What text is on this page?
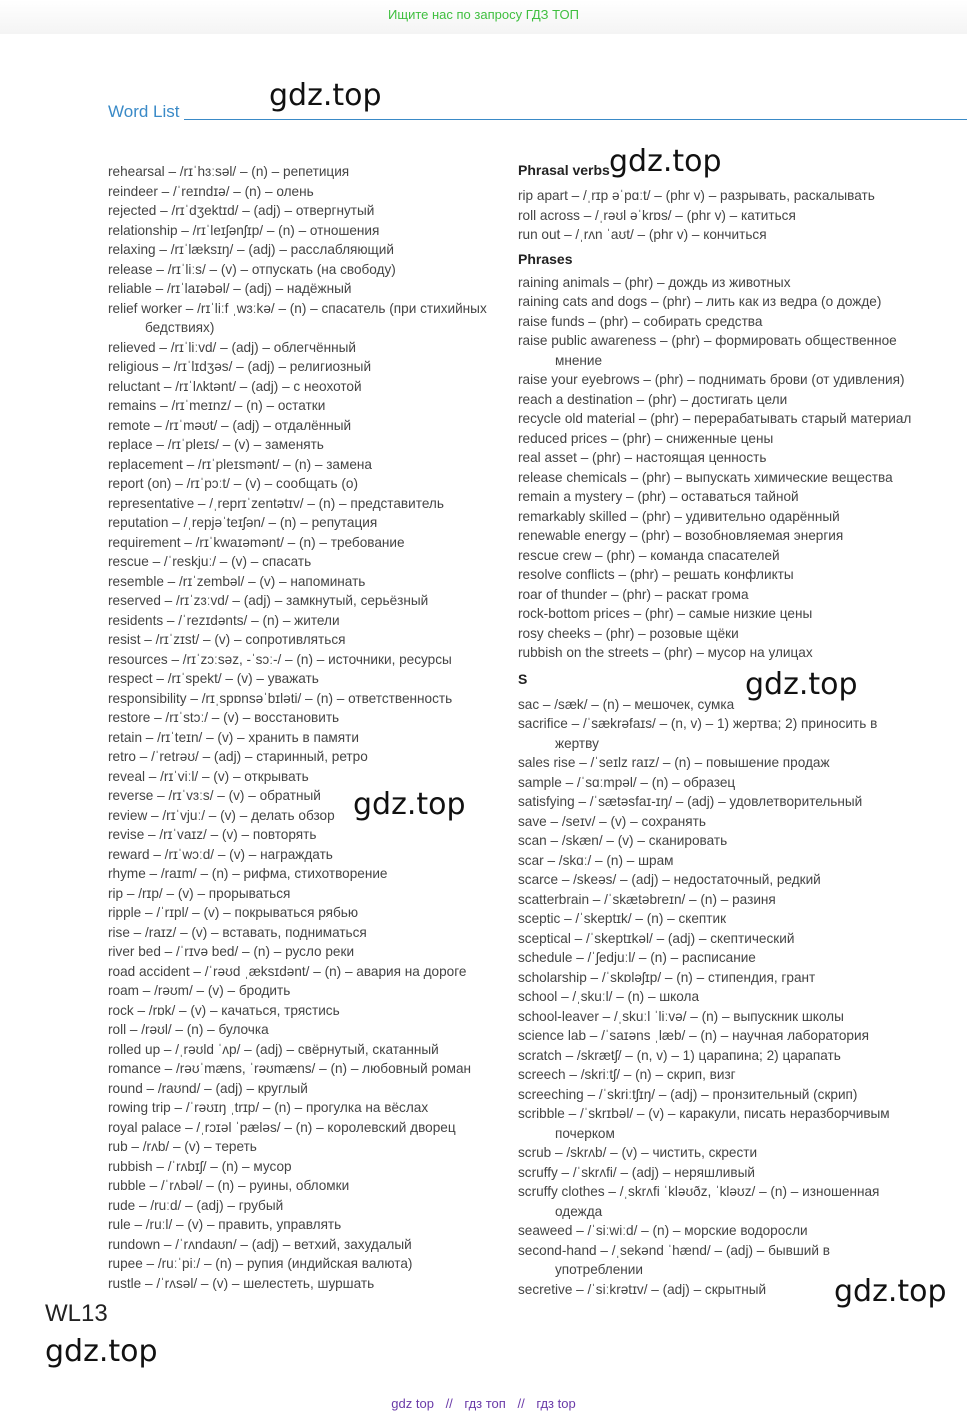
Ищите нас по запросу ГДЗ ТОП
Word List	gdz.top
gdz.top
gdz.top
gdz.top
gdz.top
gdz.top
rehearsal – /rɪˈhɜːsəl/ – (n) – репетиция
reindeer – /ˈreɪndɪə/ – (n) – олень
rejected – /rɪˈdʒektɪd/ – (adj) – отвергнутый
relationship – /rɪˈleɪʃənʃɪp/ – (n) – отношения
relaxing – /rɪˈlæksɪŋ/ – (adj) – расслабляющий
release – /rɪˈliːs/ – (v) – отпускать (на свободу)
reliable – /rɪˈlaɪəbəl/ – (adj) – надёжный
relief worker – /rɪˈliːf ˌwɜːkə/ – (n) – спасатель (при стихийных
бедствиях)
relieved – /rɪˈliːvd/ – (adj) – облегчённый
religious – /rɪˈlɪdʒəs/ – (adj) – религиозный
reluctant – /rɪˈlʌktənt/ – (adj) – с неохотой
remains – /rɪˈmeɪnz/ – (n) – остатки
remote – /rɪˈməʊt/ – (adj) – отдалённый
replace – /rɪˈpleɪs/ – (v) – заменять
replacement – /rɪˈpleɪsmənt/ – (n) – замена
report (on) – /rɪˈpɔːt/ – (v) – сообщать (о)
representative – /ˌreprɪˈzentətɪv/ – (n) – представитель
reputation – /ˌrepjəˈteɪʃən/ – (n) – репутация
requirement – /rɪˈkwaɪəmənt/ – (n) – требование
rescue – /ˈreskjuː/ – (v) – спасать
resemble – /rɪˈzembəl/ – (v) – напоминать
reserved – /rɪˈzɜːvd/ – (adj) – замкнутый, серьёзный
residents – /ˈrezɪdənts/ – (n) – жители
resist – /rɪˈzɪst/ – (v) – сопротивляться
resources – /rɪˈzɔːsəz, -ˈsɔː-/ – (n) – источники, ресурсы
respect – /rɪˈspekt/ – (v) – уважать
responsibility – /rɪˌspɒnsəˈbɪləti/ – (n) – ответственность
restore – /rɪˈstɔː/ – (v) – восстановить
retain – /rɪˈteɪn/ – (v) – хранить в памяти
retro – /ˈretrəʊ/ – (adj) – старинный, ретро
reveal – /rɪˈviːl/ – (v) – открывать
reverse – /rɪˈvɜːs/ – (v) – обратный
review – /rɪˈvjuː/ – (v) – делать обзор
revise – /rɪˈvaɪz/ – (v) – повторять
reward – /rɪˈwɔːd/ – (v) – награждать
rhyme – /raɪm/ – (n) – рифма, стихотворение
rip – /rɪp/ – (v) – прорываться
ripple – /ˈrɪpl/ – (v) – покрываться рябью
rise – /raɪz/ – (v) – вставать, подниматься
river bed – /ˈrɪvə bed/ – (n) – русло реки
road accident – /ˈrəʊd ˌæksɪdənt/ – (n) – авария на дороге
roam – /rəʊm/ – (v) – бродить
rock – /rɒk/ – (v) – качаться, трястись
roll – /rəʊl/ – (n) – булочка
rolled up – /ˌrəʊld ˈʌp/ – (adj) – свёрнутый, скатанный
romance – /rəʊˈmæns, ˈrəʊmæns/ – (n) – любовный роман
round – /raʊnd/ – (adj) – круглый
rowing trip – /ˈrəʊɪŋ ˌtrɪp/ – (n) – прогулка на вёслах
royal palace – /ˌrɔɪəl ˈpæləs/ – (n) – королевский дворец
rub – /rʌb/ – (v) – тереть
rubbish – /ˈrʌbɪʃ/ – (n) – мусор
rubble – /ˈrʌbəl/ – (n) – руины, обломки
rude – /ruːd/ – (adj) – грубый
rule – /ruːl/ – (v) – править, управлять
rundown – /ˈrʌndaʊn/ – (adj) – ветхий, захудалый
rupee – /ruːˈpiː/ – (n) – рупия (индийская валюта)
rustle – /ˈrʌsəl/ – (v) – шелестеть, шуршать
Phrasal verbs
rip apart – /ˌrɪp əˈpɑːt/ – (phr v) – разрывать, раскалывать
roll across – /ˌrəʊl əˈkrɒs/ – (phr v) – катиться
run out – /ˌrʌn ˈaʊt/ – (phr v) – кончиться
Phrases
raining animals – (phr) – дождь из животных
raining cats and dogs – (phr) – лить как из ведра (о дожде)
raise funds – (phr) – собирать средства
raise public awareness – (phr) – формировать общественное
мнение
raise your eyebrows – (phr) – поднимать брови (от удивления)
reach a destination – (phr) – достигать цели
recycle old material – (phr) – перерабатывать старый материал
reduced prices – (phr) – сниженные цены
real asset – (phr) – настоящая ценность
release chemicals – (phr) – выпускать химические вещества
remain a mystery – (phr) – оставаться тайной
remarkably skilled – (phr) – удивительно одарённый
renewable energy – (phr) – возобновляемая энергия
rescue crew – (phr) – команда спасателей
resolve conflicts – (phr) – решать конфликты
roar of thunder – (phr) – раскат грома
rock-bottom prices – (phr) – самые низкие цены
rosy cheeks – (phr) – розовые щёки
rubbish on the streets – (phr) – мусор на улицах
S
sac – /sæk/ – (n) – мешочек, сумка
sacrifice – /ˈsækrəfaɪs/ – (n, v) – 1) жертва; 2) приносить в
жертву
sales rise – /ˈseɪlz raɪz/ – (n) – повышение продаж
sample – /ˈsɑːmpəl/ – (n) – образец
satisfying – /ˈsætəsfaɪ-ɪŋ/ – (adj) – удовлетворительный
save – /seɪv/ – (v) – сохранять
scan – /skæn/ – (v) – сканировать
scar – /skɑː/ – (n) – шрам
scarce – /skeəs/ – (adj) – недостаточный, редкий
scatterbrain – /ˈskætəbreɪn/ – (n) – разиня
sceptic – /ˈskeptɪk/ – (n) – скептик
sceptical – /ˈskeptɪkəl/ – (adj) – скептический
schedule – /ˈʃedjuːl/ – (n) – расписание
scholarship – /ˈskɒləʃɪp/ – (n) – стипендия, грант
school – /ˌskuːl/ – (n) – школа
school-leaver – /ˌskuːl ˈliːvə/ – (n) – выпускник школы
science lab – /ˈsaɪəns ˌlæb/ – (n) – научная лаборатория
scratch – /skrætʃ/ – (n, v) – 1) царапина; 2) царапать
screech – /skriːtʃ/ – (n) – скрип, визг
screeching – /ˈskriːtʃɪŋ/ – (adj) – пронзительный (скрип)
scribble – /ˈskrɪbəl/ – (v) – каракули, писать неразборчивым
почерком
scrub – /skrʌb/ – (v) – чистить, скрести
scruffy – /ˈskrʌfi/ – (adj) – неряшливый
scruffy clothes – /ˌskrʌfi ˈkləʊðz, ˈkləʊz/ – (n) – изношенная
одежда
seaweed – /ˈsiːwiːd/ – (n) – морские водоросли
second-hand – /ˌsekənd ˈhænd/ – (adj) – бывший в
употреблении
secretive – /ˈsiːkrətɪv/ – (adj) – скрытный
WL13
gdz top // гдз топ // гдз top
